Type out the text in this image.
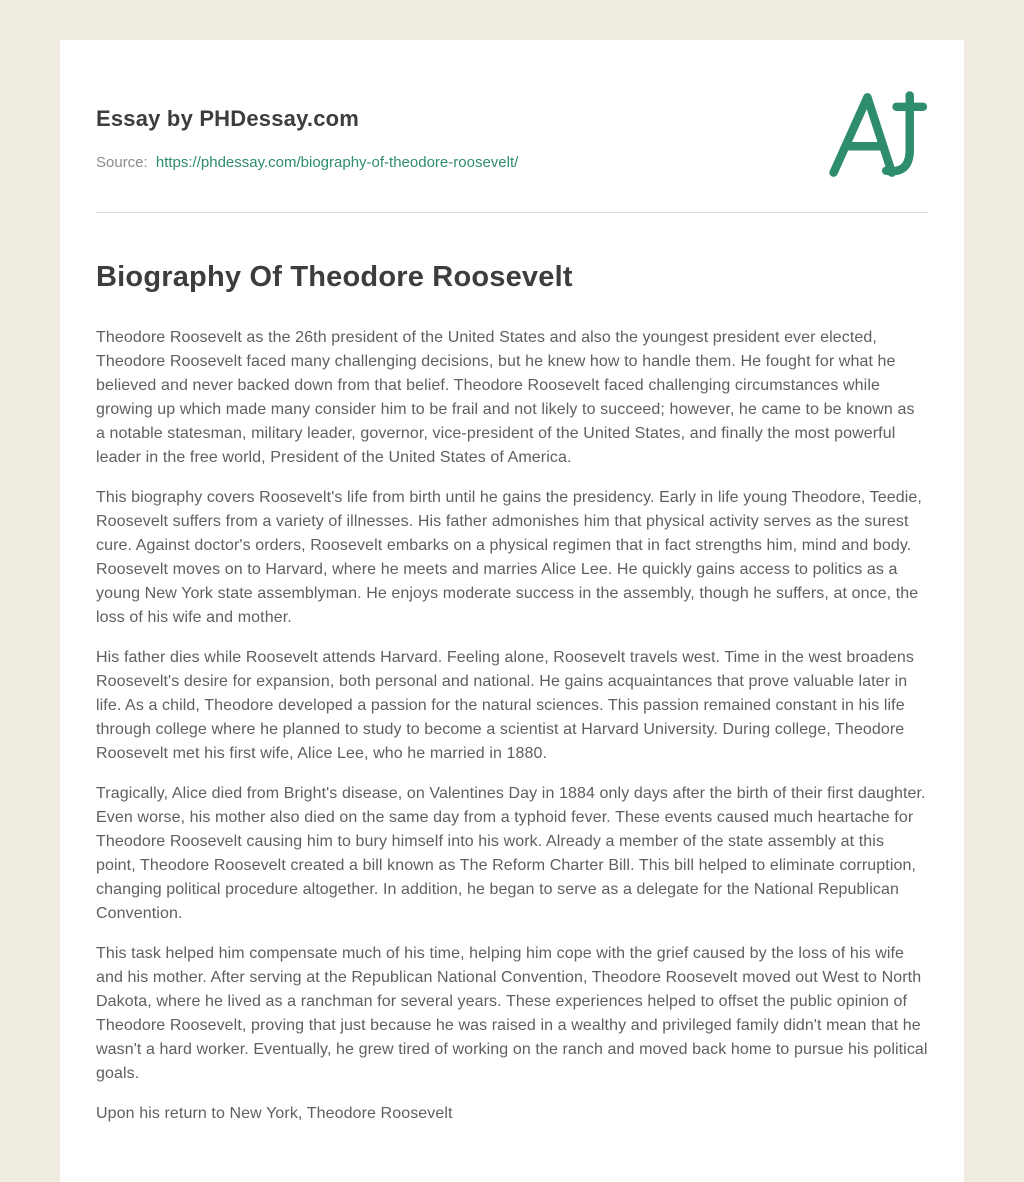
Essay by PHDessay.com
Source: https://phdessay.com/biography-of-theodore-roosevelt/
Biography Of Theodore Roosevelt

Theodore Roosevelt as the 26th president of the United States and also the youngest president ever elected, Theodore Roosevelt faced many challenging decisions, but he knew how to handle them. He fought for what he believed and never backed down from that belief. Theodore Roosevelt faced challenging circumstances while growing up which made many consider him to be frail and not likely to succeed; however, he came to be known as a notable statesman, military leader, governor, vice-president of the United States, and finally the most powerful leader in the free world, President of the United States of America.

This biography covers Roosevelt's life from birth until he gains the presidency. Early in life young Theodore, Teedie, Roosevelt suffers from a variety of illnesses. His father admonishes him that physical activity serves as the surest cure. Against doctor's orders, Roosevelt embarks on a physical regimen that in fact strengths him, mind and body. Roosevelt moves on to Harvard, where he meets and marries Alice Lee. He quickly gains access to politics as a young New York state assemblyman. He enjoys moderate success in the assembly, though he suffers, at once, the loss of his wife and mother.

His father dies while Roosevelt attends Harvard. Feeling alone, Roosevelt travels west. Time in the west broadens Roosevelt's desire for expansion, both personal and national. He gains acquaintances that prove valuable later in life. As a child, Theodore developed a passion for the natural sciences. This passion remained constant in his life through college where he planned to study to become a scientist at Harvard University. During college, Theodore Roosevelt met his first wife, Alice Lee, who he married in 1880.

Tragically, Alice died from Bright's disease, on Valentines Day in 1884 only days after the birth of their first daughter. Even worse, his mother also died on the same day from a typhoid fever. These events caused much heartache for Theodore Roosevelt causing him to bury himself into his work. Already a member of the state assembly at this point, Theodore Roosevelt created a bill known as The Reform Charter Bill. This bill helped to eliminate corruption, changing political procedure altogether. In addition, he began to serve as a delegate for the National Republican Convention.

This task helped him compensate much of his time, helping him cope with the grief caused by the loss of his wife and his mother. After serving at the Republican National Convention, Theodore Roosevelt moved out West to North Dakota, where he lived as a ranchman for several years. These experiences helped to offset the public opinion of Theodore Roosevelt, proving that just because he was raised in a wealthy and privileged family didn't mean that he wasn't a hard worker. Eventually, he grew tired of working on the ranch and moved back home to pursue his political goals.

Upon his return to New York, Theodore Roosevelt
